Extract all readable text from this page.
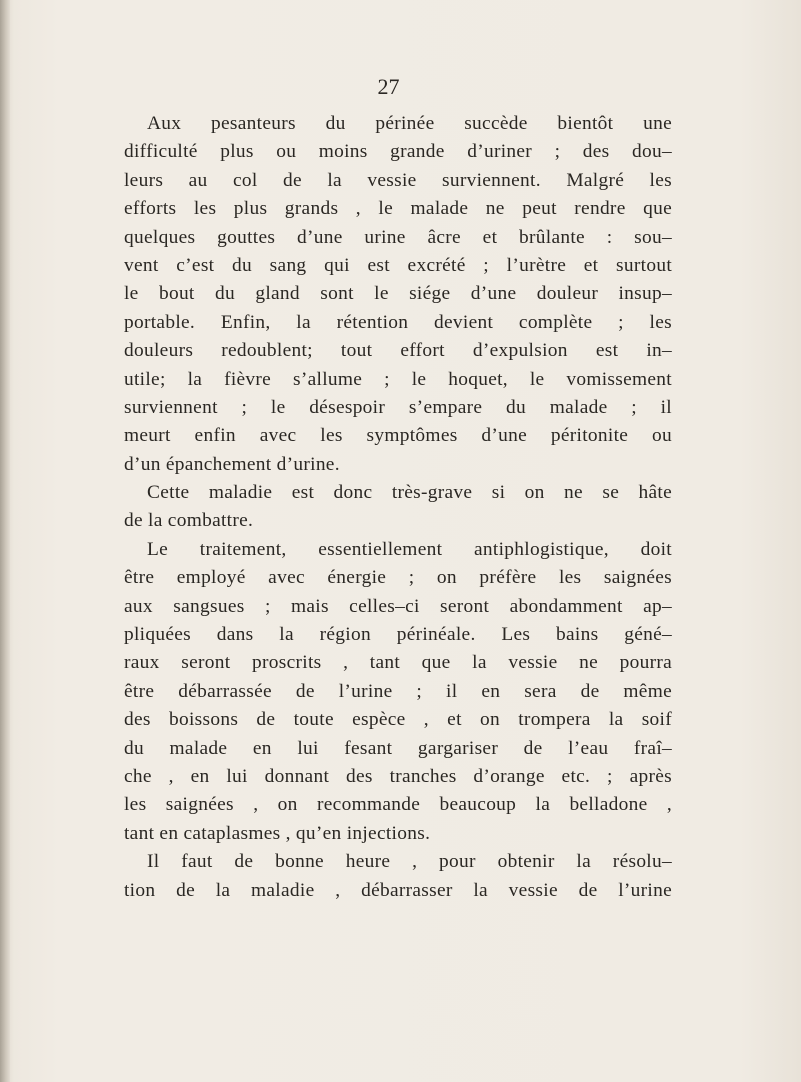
27
Aux pesanteurs du périnée succède bientôt une
difficulté plus ou moins grande d’uriner ; des dou–
leurs au col de la vessie surviennent. Malgré les
efforts les plus grands , le malade ne peut rendre que
quelques gouttes d’une urine âcre et brûlante : sou–
vent c’est du sang qui est excrété ; l’urètre et surtout
le bout du gland sont le siége d’une douleur insup–
portable. Enfin, la rétention devient complète ; les
douleurs redoublent; tout effort d’expulsion est in–
utile; la fièvre s’allume ; le hoquet, le vomissement
surviennent ; le désespoir s’empare du malade ; il
meurt enfin avec les symptômes d’une péritonite ou
d’un épanchement d’urine.
Cette maladie est donc très-grave si on ne se hâte
de la combattre.
Le traitement, essentiellement antiphlogistique, doit
être employé avec énergie ; on préfère les saignées
aux sangsues ; mais celles–ci seront abondamment ap–
pliquées dans la région périnéale. Les bains géné–
raux seront proscrits , tant que la vessie ne pourra
être débarrassée de l’urine ; il en sera de même
des boissons de toute espèce , et on trompera la soif
du malade en lui fesant gargariser de l’eau fraî–
che , en lui donnant des tranches d’orange etc. ; après
les saignées , on recommande beaucoup la belladone ,
tant en cataplasmes , qu’en injections.
Il faut de bonne heure , pour obtenir la résolu–
tion de la maladie , débarrasser la vessie de l’urine
